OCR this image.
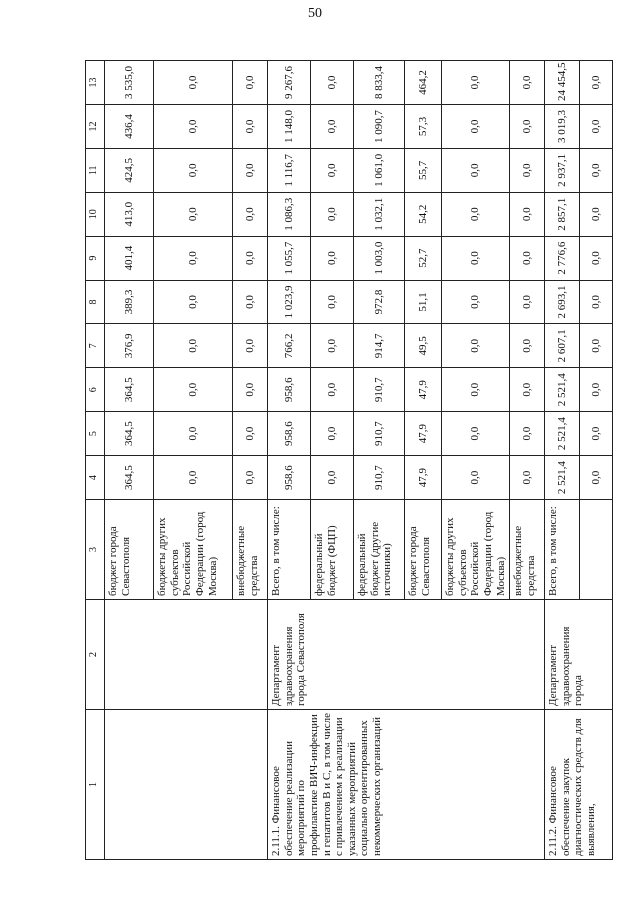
50
1	2	3	4	5	6	7	8	9	10	11	12	13
		бюджет города Севастополя	364,5	364,5	364,5	376,9	389,3	401,4	413,0	424,5	436,4	3 535,0
		бюджеты других субъектов Российской Федерации (город Москва)	0,0	0,0	0,0	0,0	0,0	0,0	0,0	0,0	0,0	0,0
		внебюджетные средства	0,0	0,0	0,0	0,0	0,0	0,0	0,0	0,0	0,0	0,0
2.11.1. Финансовое обеспечение реализации мероприятий по профилактике ВИЧ-инфекции и гепатитов В и С, в том числе с привлечением к реализации указанных мероприятий социально ориентированных некоммерческих организаций	Департамент здравоохранения города Севастополя	Всего, в том числе:	958,6	958,6	958,6	766,2	1 023,9	1 055,7	1 086,3	1 116,7	1 148,0	9 267,6
		федеральный бюджет (ФЦП)	0,0	0,0	0,0	0,0	0,0	0,0	0,0	0,0	0,0	0,0
		федеральный бюджет (другие источники)	910,7	910,7	910,7	914,7	972,8	1 003,0	1 032,1	1 061,0	1 090,7	8 833,4
		бюджет города Севастополя	47,9	47,9	47,9	49,5	51,1	52,7	54,2	55,7	57,3	464,2
		бюджеты других субъектов Российской Федерации (город Москва)	0,0	0,0	0,0	0,0	0,0	0,0	0,0	0,0	0,0	0,0
		внебюджетные средства	0,0	0,0	0,0	0,0	0,0	0,0	0,0	0,0	0,0	0,0
2.11.2. Финансовое обеспечение закупок диагностических средств для выявления,	Департамент здравоохранения города	Всего, в том числе:	2 521,4	2 521,4	2 521,4	2 607,1	2 693,1	2 776,6	2 857,1	2 937,1	3 019,3	24 454,5
			0,0	0,0	0,0	0,0	0,0	0,0	0,0	0,0	0,0	0,0
